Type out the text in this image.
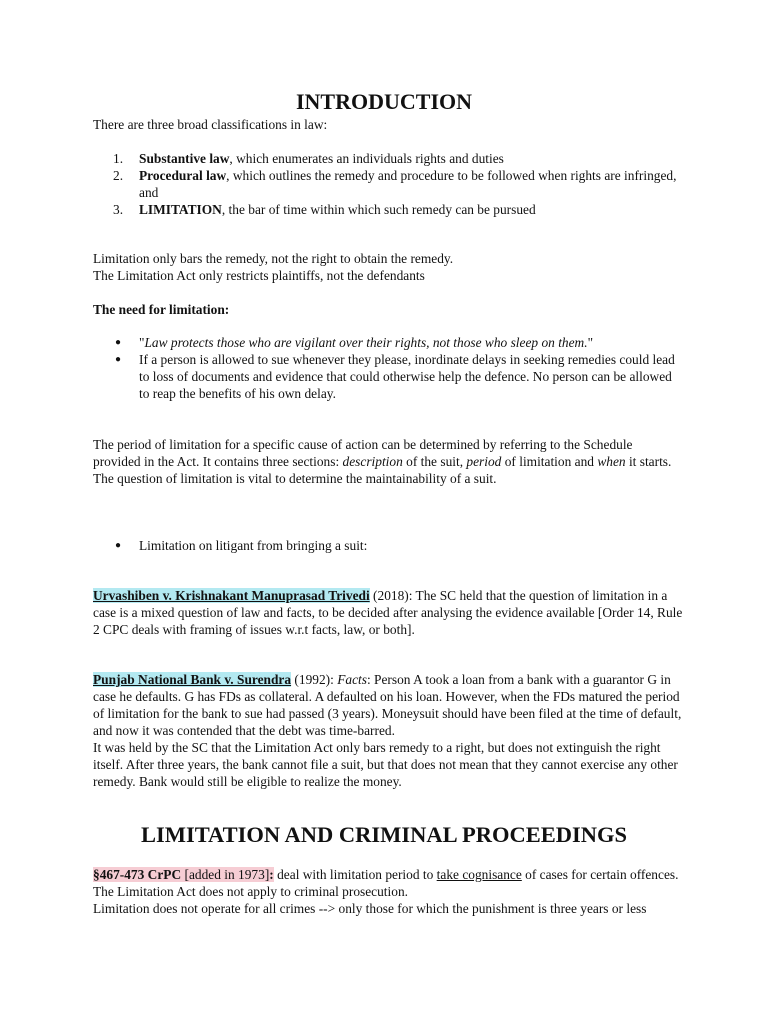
INTRODUCTION

There are three broad classifications in law:

1. Substantive law, which enumerates an individuals rights and duties
2. Procedural law, which outlines the remedy and procedure to be followed when rights are infringed, and
3. LIMITATION, the bar of time within which such remedy can be pursued
Limitation only bars the remedy, not the right to obtain the remedy.
The Limitation Act only restricts plaintiffs, not the defendants

The need for limitation:

● "Law protects those who are vigilant over their rights, not those who sleep on them."
● If a person is allowed to sue whenever they please, inordinate delays in seeking remedies could lead to loss of documents and evidence that could otherwise help the defence. No person can be allowed to reap the benefits of his own delay.

The period of limitation for a specific cause of action can be determined by referring to the Schedule provided in the Act. It contains three sections: description of the suit, period of limitation and when it starts. The question of limitation is vital to determine the maintainability of a suit.

● Limitation on litigant from bringing a suit:

Urvashiben v. Krishnakant Manuprasad Trivedi (2018): The SC held that the question of limitation in a case is a mixed question of law and facts, to be decided after analysing the evidence available [Order 14, Rule 2 CPC deals with framing of issues w.r.t facts, law, or both].

Punjab National Bank v. Surendra (1992): Facts: Person A took a loan from a bank with a guarantor G in case he defaults. G has FDs as collateral. A defaulted on his loan. However, when the FDs matured the period of limitation for the bank to sue had passed (3 years). Moneysuit should have been filed at the time of default, and now it was contended that the debt was time-barred.
It was held by the SC that the Limitation Act only bars remedy to a right, but does not extinguish the right itself. After three years, the bank cannot file a suit, but that does not mean that they cannot exercise any other remedy. Bank would still be eligible to realize the money.
LIMITATION AND CRIMINAL PROCEEDINGS
§467-473 CrPC [added in 1973]: deal with limitation period to take cognisance of cases for certain offences. The Limitation Act does not apply to criminal prosecution.
Limitation does not operate for all crimes --> only those for which the punishment is three years or less
